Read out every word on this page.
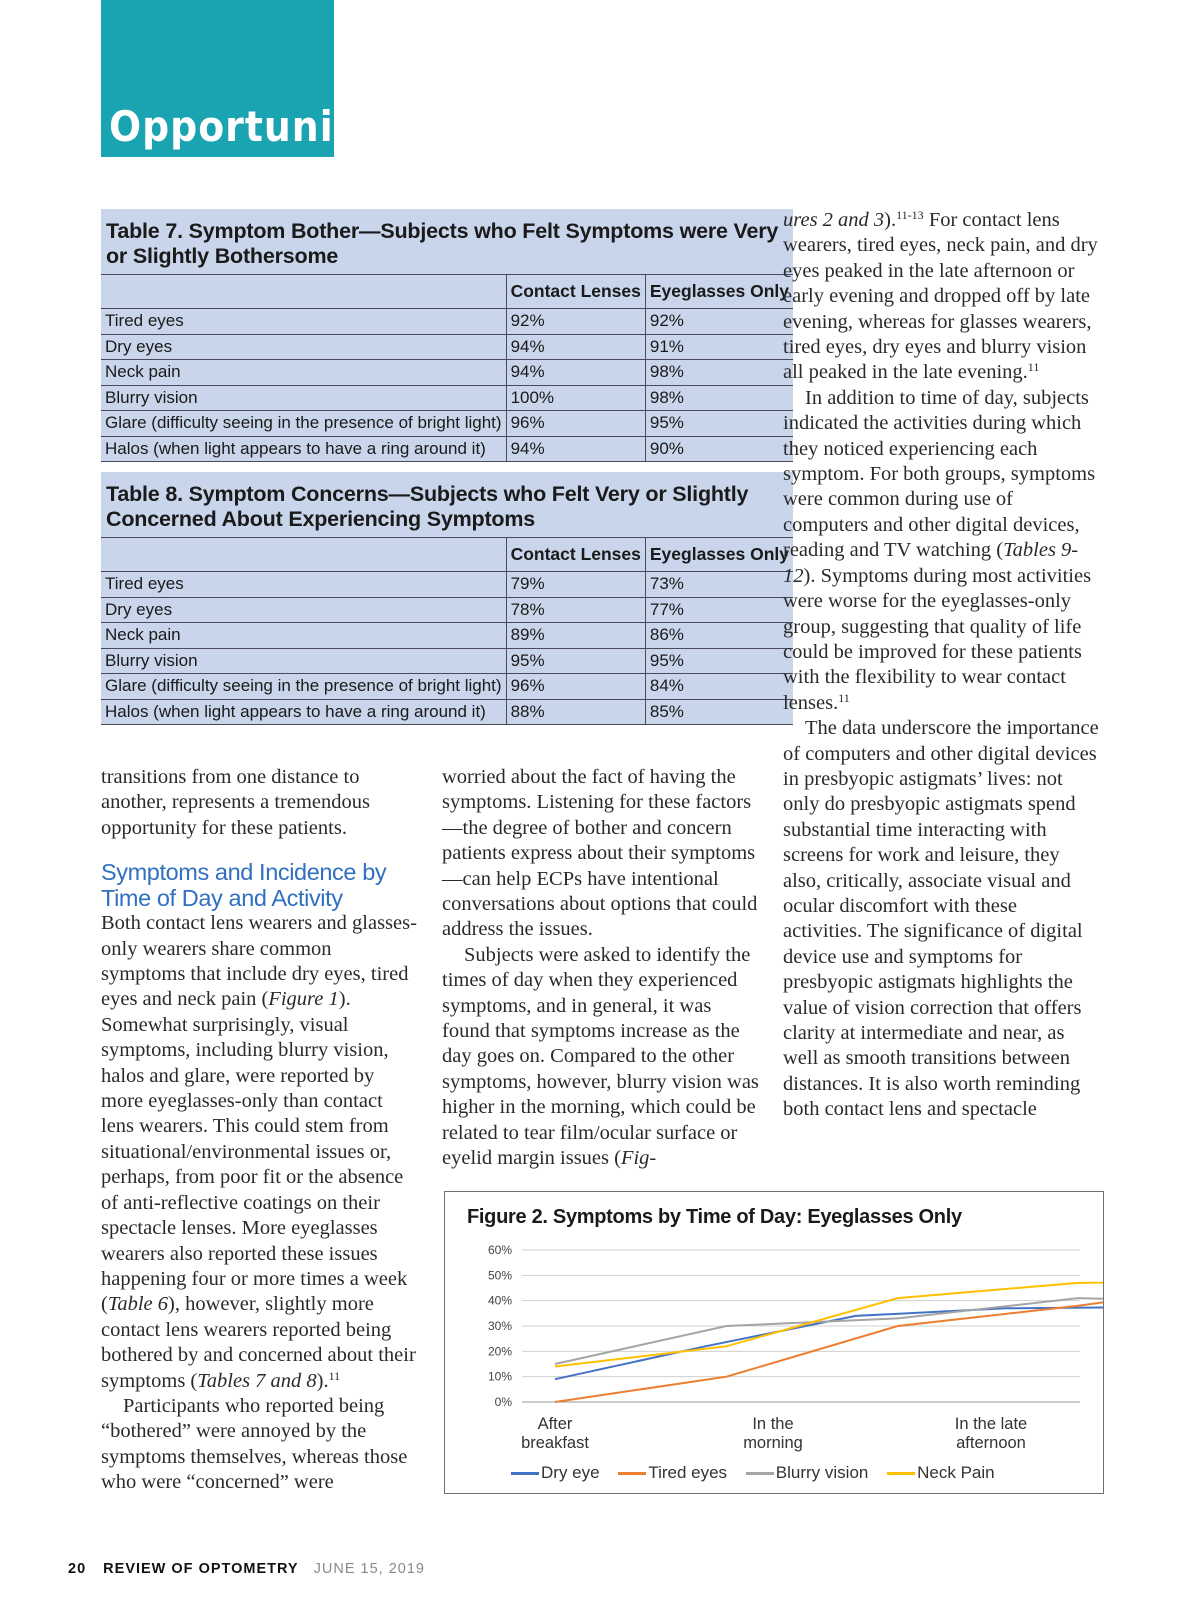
Opportunity
Table 7. Symptom Bother—Subjects who Felt Symptoms were Very or Slightly Bothersome
	Contact Lenses	Eyeglasses Only
Tired eyes	92%	92%
Dry eyes	94%	91%
Neck pain	94%	98%
Blurry vision	100%	98%
Glare (difficulty seeing in the presence of bright light)	96%	95%
Halos (when light appears to have a ring around it)	94%	90%
Table 8. Symptom Concerns—Subjects who Felt Very or Slightly Concerned About Experiencing Symptoms
	Contact Lenses	Eyeglasses Only
Tired eyes	79%	73%
Dry eyes	78%	77%
Neck pain	89%	86%
Blurry vision	95%	95%
Glare (difficulty seeing in the presence of bright light)	96%	84%
Halos (when light appears to have a ring around it)	88%	85%

transitions from one distance to another, represents a tremendous opportunity for these patients.

Symptoms and Incidence by Time of Day and Activity

Both contact lens wearers and glasses-only wearers share common symptoms that include dry eyes, tired eyes and neck pain (Figure 1). Somewhat surprisingly, visual symptoms, including blurry vision, halos and glare, were reported by more eyeglasses-only than contact lens wearers. This could stem from situational/environmental issues or, perhaps, from poor fit or the absence of anti-reflective coatings on their spectacle lenses. More eyeglasses wearers also reported these issues happening four or more times a week (Table 6), however, slightly more contact lens wearers reported being bothered by and concerned about their symptoms (Tables 7 and 8).$^{11}$

Participants who reported being “bothered” were annoyed by the symptoms themselves, whereas those who were “concerned” were

worried about the fact of having the symptoms. Listening for these factors—the degree of bother and concern patients express about their symptoms—can help ECPs have intentional conversations about options that could address the issues.

Subjects were asked to identify the times of day when they experienced symptoms, and in general, it was found that symptoms increase as the day goes on. Compared to the other symptoms, however, blurry vision was higher in the morning, which could be related to tear film/ocular surface or eyelid margin issues (Fig-

ures 2 and 3).$^{11-13}$ For contact lens wearers, tired eyes, neck pain, and dry eyes peaked in the late afternoon or early evening and dropped off by late evening, whereas for glasses wearers, tired eyes, dry eyes and blurry vision all peaked in the late evening.$^{11}$

In addition to time of day, subjects indicated the activities during which they noticed experiencing each symptom. For both groups, symptoms were common during use of computers and other digital devices, reading and TV watching (Tables 9-12). Symptoms during most activities were worse for the eyeglasses-only group, suggesting that quality of life could be improved for these patients with the flexibility to wear contact lenses.$^{11}$

The data underscore the importance of computers and other digital devices in presbyopic astigmats’ lives: not only do presbyopic astigmats spend substantial time interacting with screens for work and leisure, they also, critically, associate visual and ocular discomfort with these activities. The significance of digital device use and symptoms for presbyopic astigmats highlights the value of vision correction that offers clarity at intermediate and near, as well as smooth transitions between distances. It is also worth reminding both contact lens and spectacle

Figure 2. Symptoms by Time of Day: Eyeglasses Only
0%
10%
20%
30%
40%
50%
60%
After
breakfast
In the
morning
In the late
afternoon
Dry eye	Tired eyes	Blurry vision	Neck Pain
20 REVIEW OF OPTOMETRY JUNE 15, 2019
